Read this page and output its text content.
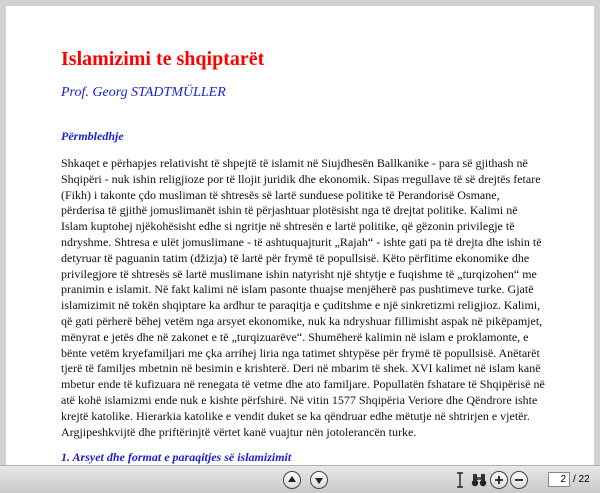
Islamizimi te shqiptarët
Prof. Georg STADTMÜLLER
Përmbledhje
Shkaqet e përhapjes relativisht të shpejtë të islamit në Siujdhesën Ballkanike - para së gjithash në
Shqipëri - nuk ishin religjioze por të llojit juridik dhe ekonomik. Sipas rregullave të së drejtës fetare
(Fikh) i takonte çdo musliman të shtresës së lartë sunduese politike të Perandorisë Osmane,
përderisa të gjithë jomuslimanët ishin të përjashtuar plotësisht nga të drejtat politike. Kalimi në
Islam kuptohej njëkohësisht edhe si ngritje në shtresën e lartë politike, që gëzonin privilegje të
ndryshme. Shtresa e ulët jomuslimane - të ashtuquajturit „Rajah“ - ishte gati pa të drejta dhe ishin të
detyruar të paguanin tatim (džizja) të lartë për frymë të popullsisë. Këto përfitime ekonomike dhe
privilegjore të shtresës së lartë muslimane ishin natyrisht një shtytje e fuqishme të „turqizohen“ me
pranimin e islamit. Në fakt kalimi në islam pasonte thuajse menjëherë pas pushtimeve turke. Gjatë
islamizimit në tokën shqiptare ka ardhur te paraqitja e çuditshme e një sinkretizmi religjioz. Kalimi,
që gati përherë bëhej vetëm nga arsyet ekonomike, nuk ka ndryshuar fillimisht aspak në pikëpamjet,
mënyrat e jetës dhe në zakonet e të „turqizuarëve“. Shumëherë kalimin në islam e proklamonte, e
bënte vetëm kryefamiljari me çka arrihej liria nga tatimet shtypëse për frymë të popullsisë. Anëtarët
tjerë të familjes mbetnin në besimin e krishterë. Deri në mbarim të shek. XVI kalimet në islam kanë
mbetur ende të kufizuara në renegata të vetme dhe ato familjare. Popullatën fshatare të Shqipërisë në
atë kohë islamizmi ende nuk e kishte përfshirë. Në vitin 1577 Shqipëria Veriore dhe Qëndrore ishte
krejtë katolike. Hierarkia katolike e vendit duket se ka qëndruar edhe mëtutje në shtrirjen e vjetër.
Argjipeshkvijtë dhe priftërinjtë vërtet kanë vuajtur nën jotolerancën turke.
1. Arsyet dhe format e paraqitjes së islamizimit
2 / 22
